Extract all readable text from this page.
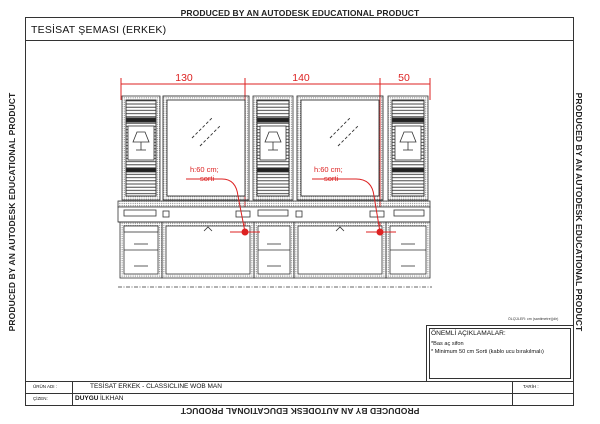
PRODUCED BY AN AUTODESK EDUCATIONAL PRODUCT
PRODUCED BY AN AUTODESK EDUCATIONAL PRODUCT
PRODUCED BY AN AUTODESK EDUCATIONAL PRODUCT	PRODUCED BY AN AUTODESK EDUCATIONAL PRODUCT
TESİSAT ŞEMASI (ERKEK)
130	140	50
h:60 cm;
sorti
h:60 cm;
sorti
ÖLÇÜLER: cm (santimetre)(dir)
ÖNEMLİ AÇIKLAMALAR:
*Bas aç sifon
* Minimum 50 cm Sorti (kablo ucu bırakılmalı)
ÜRÜN ADI :	TESİSAT ERKEK - CLASSICLINE WOB MAN	TARİH :
ÇİZEN:	DUYGU İLKHAN
